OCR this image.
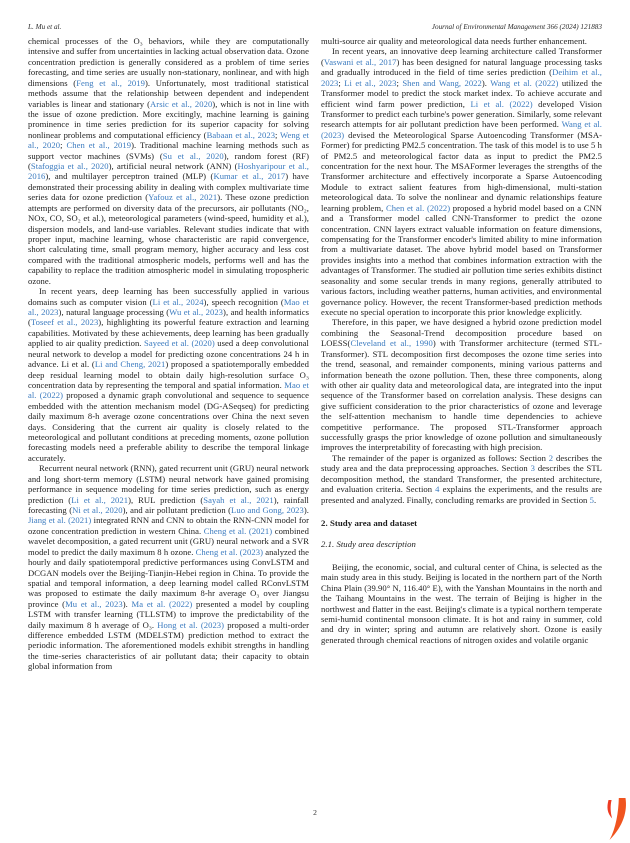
L. Mu et al.	Journal of Environmental Management 366 (2024) 121883
chemical processes of the O₃ behaviors, while they are computationally intensive and suffer from uncertainties in lacking actual observation data. Ozone concentration prediction is generally considered as a problem of time series forecasting, and time series are usually non-stationary, nonlinear, and with high dimensions (Feng et al., 2019). Unfortunately, most traditional statistical methods assume that the relationship between dependent and independent variables is linear and stationary (Arsic et al., 2020), which is not in line with the issue of ozone prediction. More excitingly, machine learning is gaining prominence in time series prediction for its superior capacity for solving nonlinear problems and computational efficiency (Babaan et al., 2023; Weng et al., 2020; Chen et al., 2019). Traditional machine learning methods such as support vector machines (SVMs) (Su et al., 2020), random forest (RF) (Stafoggia et al., 2020), artificial neural network (ANN) (Hoshyaripour et al., 2016), and multilayer perceptron trained (MLP) (Kumar et al., 2017) have demonstrated their processing ability in dealing with complex multivariate time series data for ozone prediction (Yafouz et al., 2021). These ozone prediction attempts are performed on diversity data of the precursors, air pollutants (NO₂, NOx, CO, SO₂ et al.), meteorological parameters (wind-speed, humidity et al.), dispersion models, and land-use variables. Relevant studies indicate that with proper input, machine learning, whose characteristic are rapid convergence, short calculating time, small program memory, higher accuracy and less cost compared with the traditional atmospheric models, performs well and has the capability to replace the tradition atmospheric model in simulating tropospheric ozone.
In recent years, deep learning has been successfully applied in various domains such as computer vision (Li et al., 2024), speech recognition (Mao et al., 2023), natural language processing (Wu et al., 2023), and health informatics (Toseef et al., 2023), highlighting its powerful feature extraction and learning capabilities. Motivated by these achievements, deep learning has been gradually applied to air quality prediction. Sayeed et al. (2020) used a deep convolutional neural network to develop a model for predicting ozone concentrations 24 h in advance. Li et al. (Li and Cheng, 2021) proposed a spatiotemporally embedded deep residual learning model to obtain daily high-resolution surface O₃ concentration data by representing the temporal and spatial information. Mao et al. (2022) proposed a dynamic graph convolutional and sequence to sequence embedded with the attention mechanism model (DG-ASeqseq) for predicting daily maximum 8-h average ozone concentrations over China the next seven days. Considering that the current air quality is closely related to the meteorological and pollutant conditions at preceding moments, ozone pollution forecasting models need a preferable ability to describe the temporal linkage accurately.
Recurrent neural network (RNN), gated recurrent unit (GRU) neural network and long short-term memory (LSTM) neural network have gained promising performance in sequence modeling for time series prediction, such as energy prediction (Li et al., 2021), RUL prediction (Sayah et al., 2021), rainfall forecasting (Ni et al., 2020), and air pollutant prediction (Luo and Gong, 2023). Jiang et al. (2021) integrated RNN and CNN to obtain the RNN-CNN model for ozone concentration prediction in western China. Cheng et al. (2021) combined wavelet decomposition, a gated recurrent unit (GRU) neural network and a SVR model to predict the daily maximum 8 h ozone. Cheng et al. (2023) analyzed the hourly and daily spatiotemporal predictive performances using ConvLSTM and DCGAN models over the Beijing-Tianjin-Hebei region in China. To provide the spatial and temporal information, a deep learning model called RConvLSTM was proposed to estimate the daily maximum 8-hr average O₃ over Jiangsu province (Mu et al., 2023). Ma et al. (2022) presented a model by coupling LSTM with transfer learning (TLLSTM) to improve the predictability of the daily maximum 8 h average of O₃. Hong et al. (2023) proposed a multi-order difference embedded LSTM (MDELSTM) prediction method to extract the periodic information. The aforementioned models exhibit strengths in handling the time-series characteristics of air pollutant data; their capacity to obtain global information from
multi-source air quality and meteorological data needs further enhancement.
In recent years, an innovative deep learning architecture called Transformer (Vaswani et al., 2017) has been designed for natural language processing tasks and gradually introduced in the field of time series prediction (Deihim et al., 2023; Li et al., 2023; Shen and Wang, 2022). Wang et al. (2022) utilized the Transformer model to predict the stock market index. To achieve accurate and efficient wind farm power prediction, Li et al. (2022) developed Vision Transformer to predict each turbine's power generation. Similarly, some relevant research attempts for air pollutant prediction have been performed. Wang et al. (2023) devised the Meteorological Sparse Autoencoding Transformer (MSA-Former) for predicting PM2.5 concentration. The task of this model is to use 5 h of PM2.5 and meteorological factor data as input to predict the PM2.5 concentration for the next hour. The MSAFormer leverages the strengths of the Transformer architecture and effectively incorporate a Sparse Autoencoding Module to extract salient features from high-dimensional, multi-station meteorological data. To solve the nonlinear and dynamic relationships feature learning problem, Chen et al. (2022) proposed a hybrid model based on a CNN and a Transformer model called CNN-Transformer to predict the ozone concentration. CNN layers extract valuable information on feature dimensions, compensating for the Transformer encoder's limited ability to mine information from a multivariate dataset. The above hybrid model based on Transformer provides insights into a method that combines information extraction with the advantages of Transformer. The studied air pollution time series exhibits distinct seasonality and some secular trends in many regions, generally attributed to various factors, including weather patterns, human activities, and environmental governance policy. However, the recent Transformer-based prediction methods execute no special operation to incorporate this prior knowledge explicitly.
Therefore, in this paper, we have designed a hybrid ozone prediction model combining the Seasonal-Trend decomposition procedure based on LOESS(Cleveland et al., 1990) with Transformer architecture (termed STL-Transformer). STL decomposition first decomposes the ozone time series into the trend, seasonal, and remainder components, mining various patterns and information beneath the ozone pollution. Then, these three components, along with other air quality data and meteorological data, are integrated into the input sequence of the Transformer based on correlation analysis. These designs can give sufficient consideration to the prior characteristics of ozone and leverage the self-attention mechanism to handle time dependencies to achieve competitive performance. The proposed STL-Transformer approach successfully grasps the prior knowledge of ozone pollution and simultaneously improves the interpretability of forecasting with high precision.
The remainder of the paper is organized as follows: Section 2 describes the study area and the data preprocessing approaches. Section 3 describes the STL decomposition method, the standard Transformer, the presented architecture, and evaluation criteria. Section 4 explains the experiments, and the results are presented and analyzed. Finally, concluding remarks are provided in Section 5.
2. Study area and dataset
2.1. Study area description
Beijing, the economic, social, and cultural center of China, is selected as the main study area in this study. Beijing is located in the northern part of the North China Plain (39.90° N, 116.40° E), with the Yanshan Mountains in the north and the Taihang Mountains in the west. The terrain of Beijing is higher in the northwest and flatter in the east. Beijing's climate is a typical northern temperate semi-humid continental monsoon climate. It is hot and rainy in summer, cold and dry in winter; spring and autumn are relatively short. Ozone is easily generated through chemical reactions of nitrogen oxides and volatile organic
2
